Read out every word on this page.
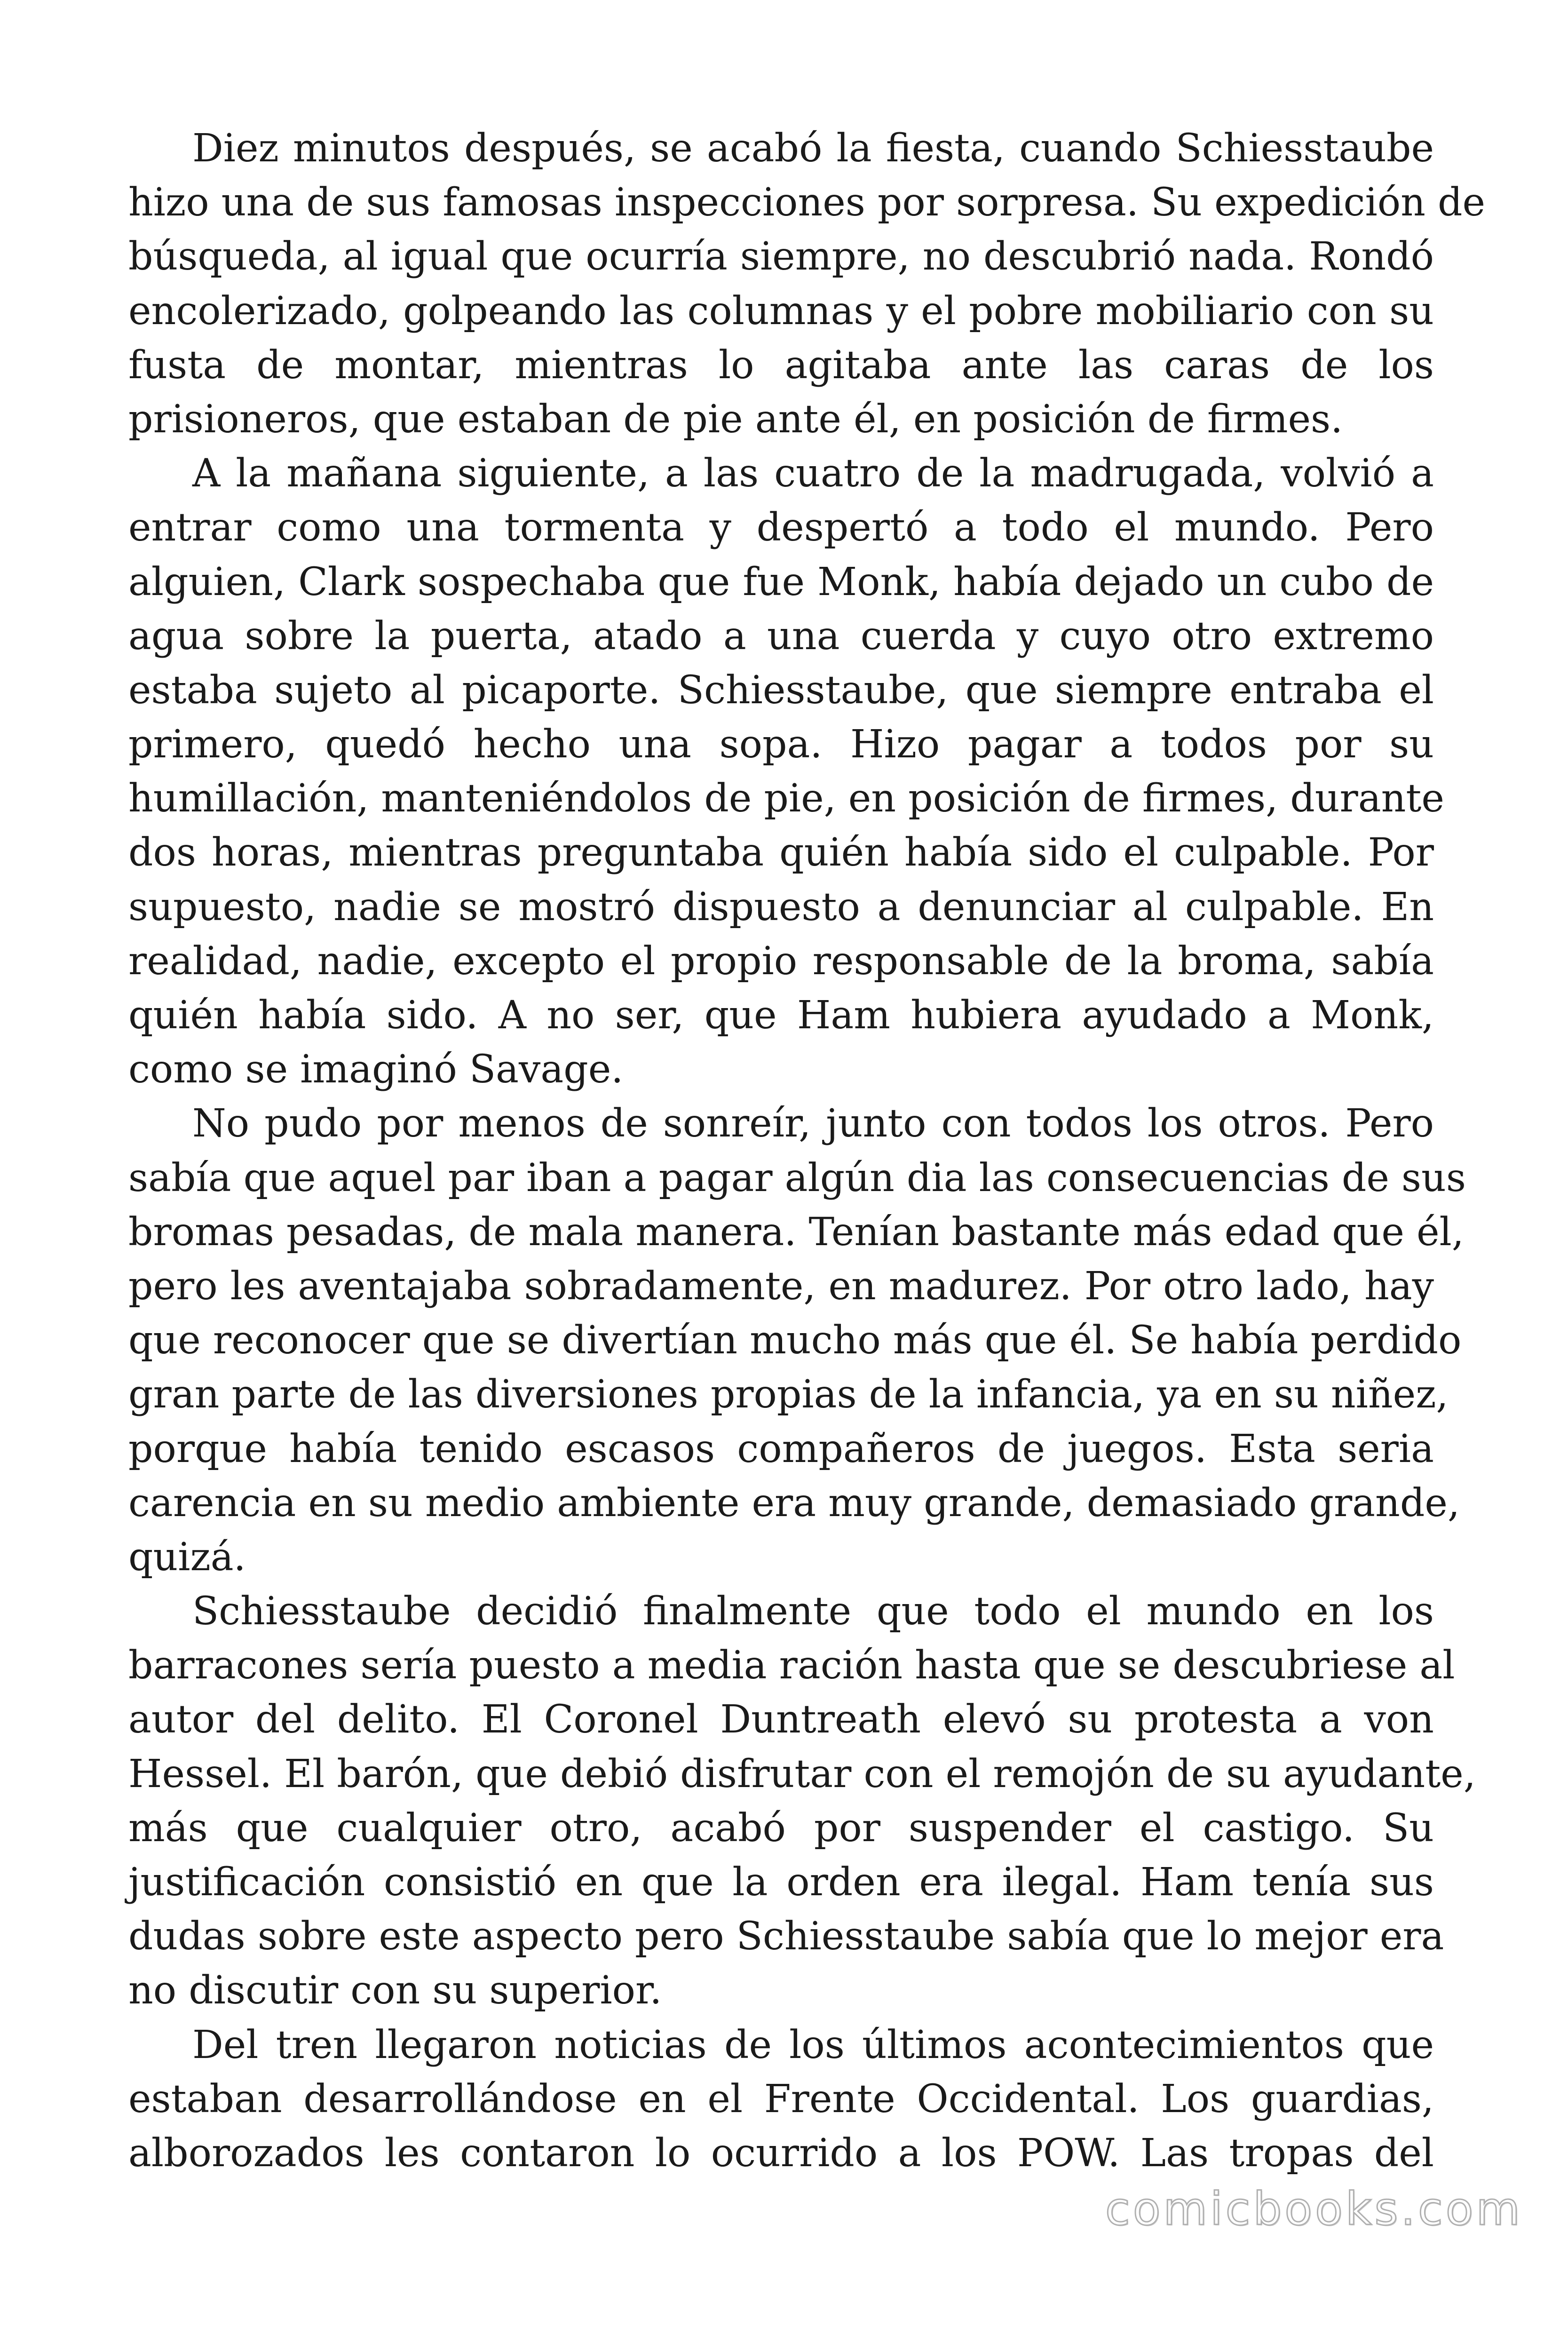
Diez minutos después, se acabó la fiesta, cuando Schiesstaube
hizo una de sus famosas inspecciones por sorpresa. Su expedición de
búsqueda, al igual que ocurría siempre, no descubrió nada. Rondó
encolerizado, golpeando las columnas y el pobre mobiliario con su
fusta de montar, mientras lo agitaba ante las caras de los
prisioneros, que estaban de pie ante él, en posición de firmes.
A la mañana siguiente, a las cuatro de la madrugada, volvió a
entrar como una tormenta y despertó a todo el mundo. Pero
alguien, Clark sospechaba que fue Monk, había dejado un cubo de
agua sobre la puerta, atado a una cuerda y cuyo otro extremo
estaba sujeto al picaporte. Schiesstaube, que siempre entraba el
primero, quedó hecho una sopa. Hizo pagar a todos por su
humillación, manteniéndolos de pie, en posición de firmes, durante
dos horas, mientras preguntaba quién había sido el culpable. Por
supuesto, nadie se mostró dispuesto a denunciar al culpable. En
realidad, nadie, excepto el propio responsable de la broma, sabía
quién había sido. A no ser, que Ham hubiera ayudado a Monk,
como se imaginó Savage.
No pudo por menos de sonreír, junto con todos los otros. Pero
sabía que aquel par iban a pagar algún dia las consecuencias de sus
bromas pesadas, de mala manera. Tenían bastante más edad que él,
pero les aventajaba sobradamente, en madurez. Por otro lado, hay
que reconocer que se divertían mucho más que él. Se había perdido
gran parte de las diversiones propias de la infancia, ya en su niñez,
porque había tenido escasos compañeros de juegos. Esta seria
carencia en su medio ambiente era muy grande, demasiado grande,
quizá.
Schiesstaube decidió finalmente que todo el mundo en los
barracones sería puesto a media ración hasta que se descubriese al
autor del delito. El Coronel Duntreath elevó su protesta a von
Hessel. El barón, que debió disfrutar con el remojón de su ayudante,
más que cualquier otro, acabó por suspender el castigo. Su
justificación consistió en que la orden era ilegal. Ham tenía sus
dudas sobre este aspecto pero Schiesstaube sabía que lo mejor era
no discutir con su superior.
Del tren llegaron noticias de los últimos acontecimientos que
estaban desarrollándose en el Frente Occidental. Los guardias,
alborozados les contaron lo ocurrido a los POW. Las tropas del
comicbooks.com
